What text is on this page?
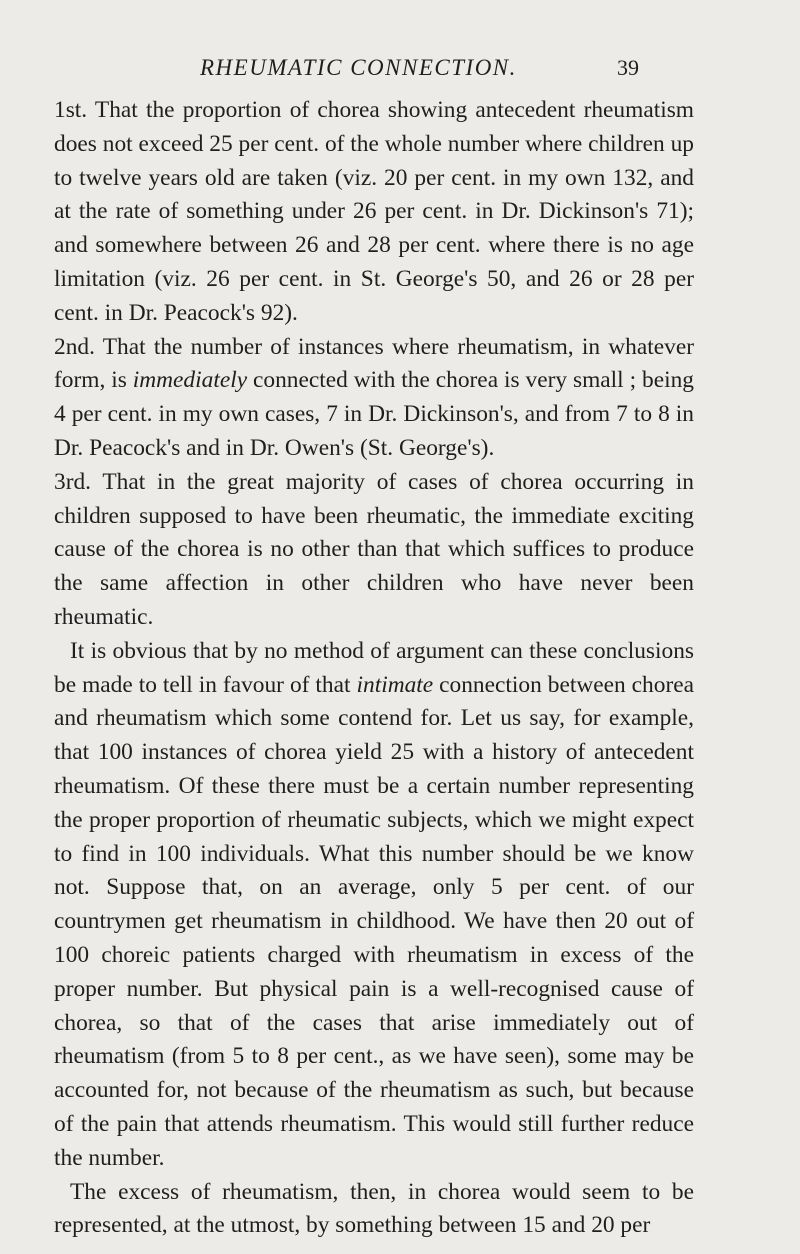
RHEUMATIC CONNECTION.	39

1st. That the proportion of chorea showing antecedent rheumatism does not exceed 25 per cent. of the whole number where children up to twelve years old are taken (viz. 20 per cent. in my own 132, and at the rate of something under 26 per cent. in Dr. Dickinson's 71); and somewhere between 26 and 28 per cent. where there is no age limitation (viz. 26 per cent. in St. George's 50, and 26 or 28 per cent. in Dr. Peacock's 92).

2nd. That the number of instances where rheumatism, in whatever form, is immediately connected with the chorea is very small ; being 4 per cent. in my own cases, 7 in Dr. Dickinson's, and from 7 to 8 in Dr. Peacock's and in Dr. Owen's (St. George's).

3rd. That in the great majority of cases of chorea occurring in children supposed to have been rheumatic, the immediate exciting cause of the chorea is no other than that which suffices to produce the same affection in other children who have never been rheumatic.

It is obvious that by no method of argument can these conclusions be made to tell in favour of that intimate connection between chorea and rheumatism which some contend for. Let us say, for example, that 100 instances of chorea yield 25 with a history of antecedent rheumatism. Of these there must be a certain number representing the proper proportion of rheumatic subjects, which we might expect to find in 100 individuals. What this number should be we know not. Suppose that, on an average, only 5 per cent. of our countrymen get rheumatism in childhood. We have then 20 out of 100 choreic patients charged with rheumatism in excess of the proper number. But physical pain is a well-recognised cause of chorea, so that of the cases that arise immediately out of rheumatism (from 5 to 8 per cent., as we have seen), some may be accounted for, not because of the rheumatism as such, but because of the pain that attends rheumatism. This would still further reduce the number.

The excess of rheumatism, then, in chorea would seem to be represented, at the utmost, by something between 15 and 20 per
